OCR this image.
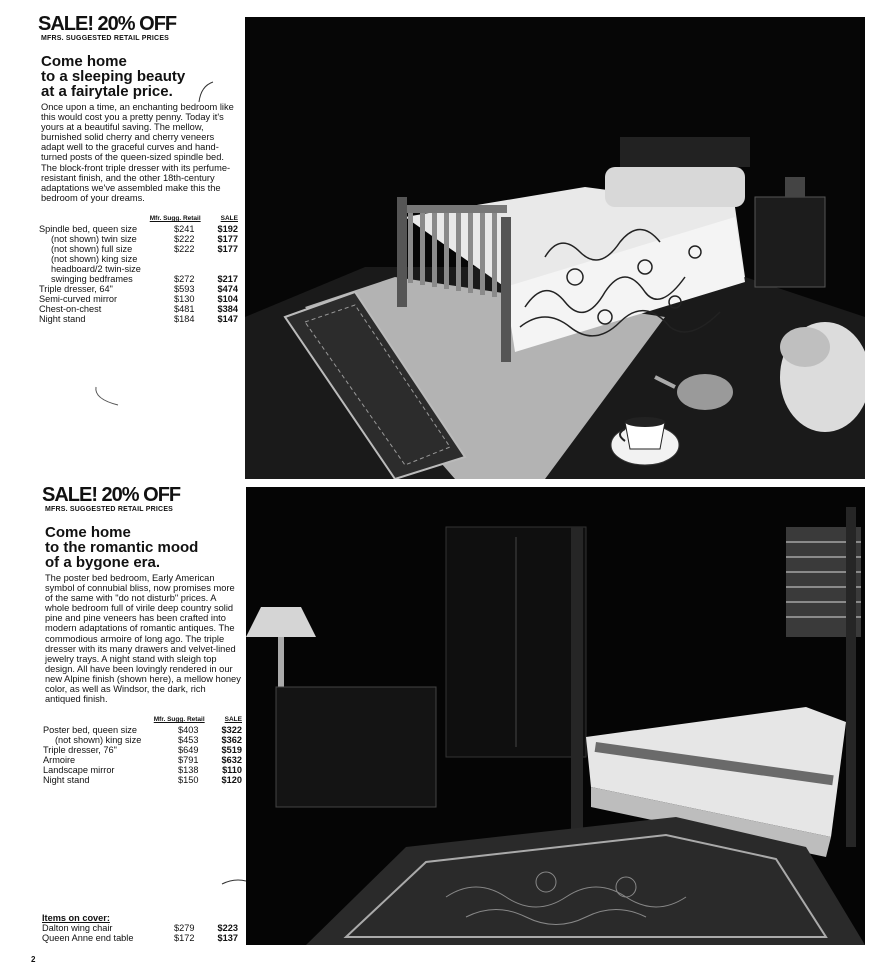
SALE! 20% OFF
MFRS. SUGGESTED RETAIL PRICES
Come home
to a sleeping beauty
at a fairytale price.

Once upon a time, an enchanting bedroom like this would cost you a pretty penny. Today it's yours at a beautiful saving. The mellow, burnished solid cherry and cherry veneers adapt well to the graceful curves and hand-turned posts of the queen-sized spindle bed. The block-front triple dresser with its perfume-resistant finish, and the other 18th-century adaptations we've assembled make this the bedroom of your dreams.

Mfr. Sugg. Retail	SALE
Spindle bed, queen size	$241	$192
(not shown) twin size	$222	$177
(not shown) full size	$222	$177
(not shown) king size headboard/2 twin-size swinging bedframes	$272	$217
Triple dresser, 64"	$593	$474
Semi-curved mirror	$130	$104
Chest-on-chest	$481	$384
Night stand	$184	$147
SALE! 20% OFF
MFRS. SUGGESTED RETAIL PRICES
Come home
to the romantic mood
of a bygone era.

The poster bed bedroom, Early American symbol of connubial bliss, now promises more of the same with "do not disturb" prices. A whole bedroom full of virile deep country solid pine and pine veneers has been crafted into modern adaptations of romantic antiques. The commodious armoire of long ago. The triple dresser with its many drawers and velvet-lined jewelry trays. A night stand with sleigh top design. All have been lovingly rendered in our new Alpine finish (shown here), a mellow honey color, as well as Windsor, the dark, rich antiqued finish.

Mfr. Sugg. Retail	SALE
Poster bed, queen size	$403	$322
(not shown) king size	$453	$362
Triple dresser, 76"	$649	$519
Armoire	$791	$632
Landscape mirror	$138	$110
Night stand	$150	$120
Items on cover:
Dalton wing chair	$279	$223
Queen Anne end table	$172	$137
2
